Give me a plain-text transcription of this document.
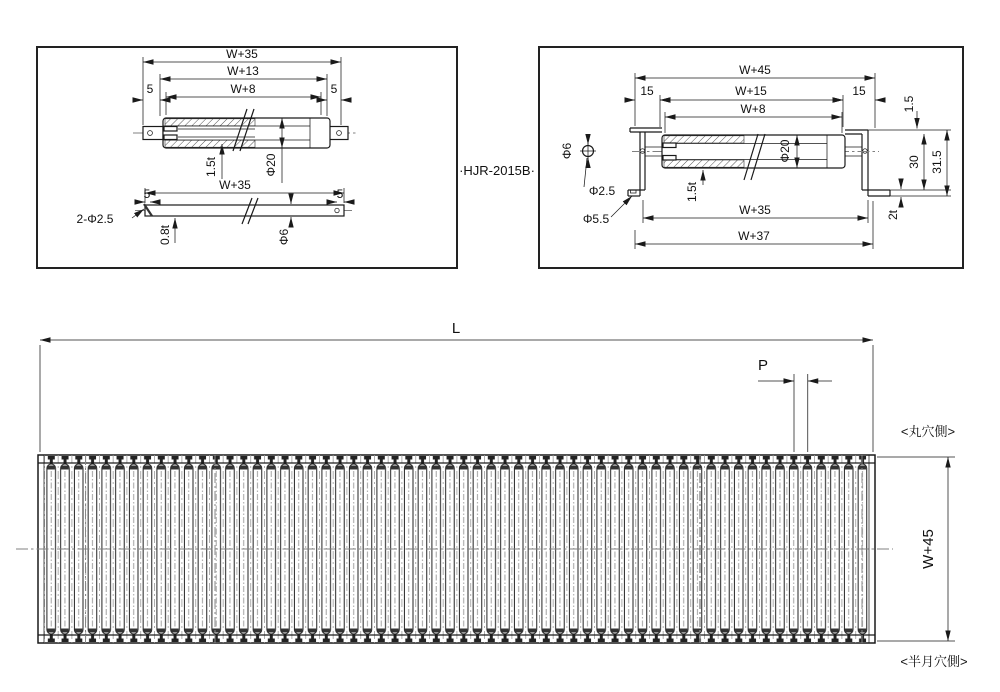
W+35
W+13
W+8
5	5
1.5t	Φ20
W+35
5	5
2-Φ2.5
0.8t	Φ6
·HJR-2015B·
Φ6
Φ2.5
Φ5.5
W+45
15	W+15	15
W+8
Φ20
1.5t
1.5
30 31.5
2t
W+35
W+37
L
P
W+45
<丸穴側>
<半月穴側>
